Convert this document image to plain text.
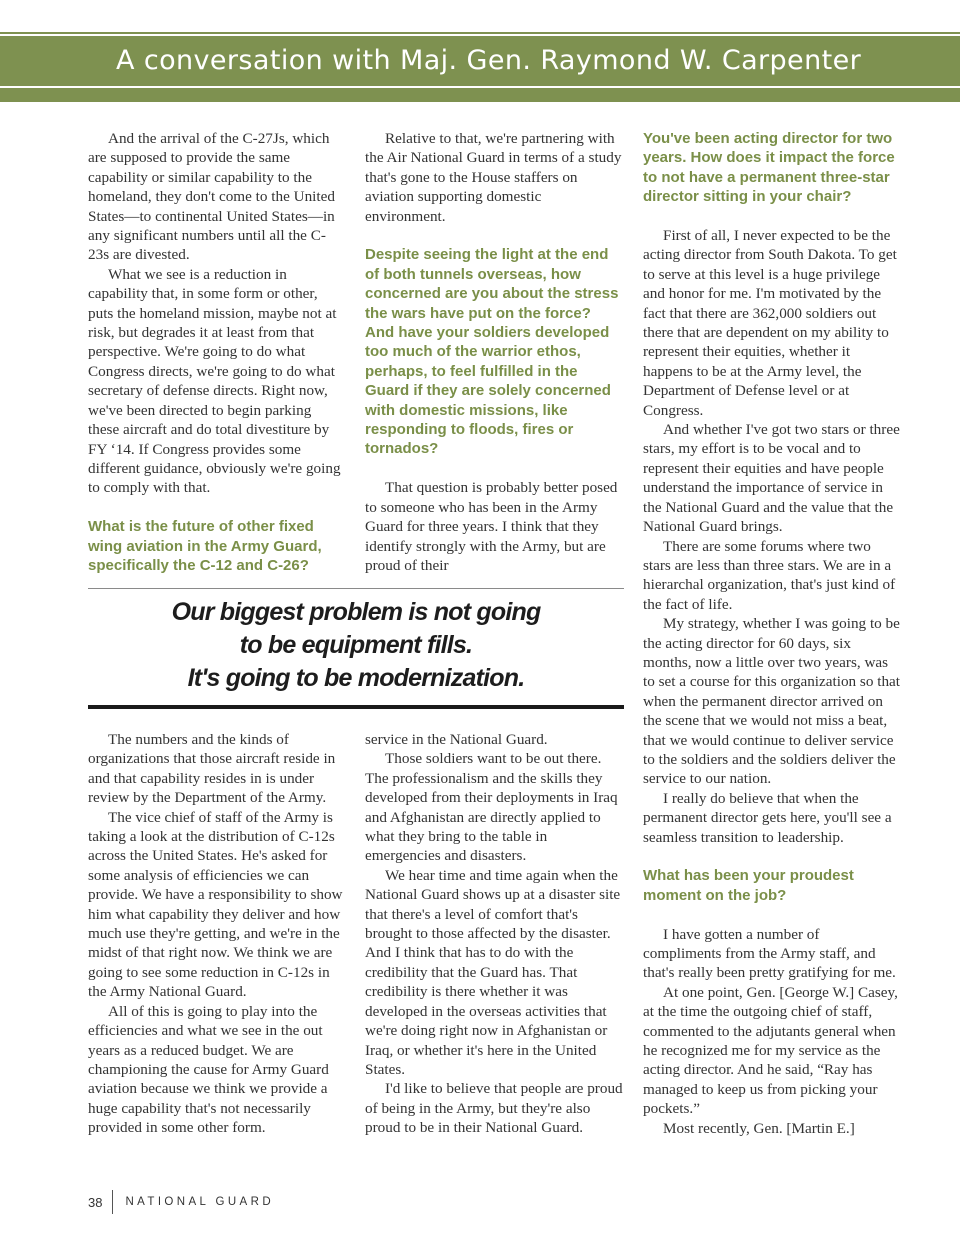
A conversation with Maj. Gen. Raymond W. Carpenter

And the arrival of the C-27Js, which are supposed to provide the same capability or similar capability to the homeland, they don't come to the United States—to continental United States—in any significant numbers until all the C-23s are divested.

What we see is a reduction in capability that, in some form or other, puts the homeland mission, maybe not at risk, but degrades it at least from that perspective. We're going to do what Congress directs, we're going to do what secretary of defense directs. Right now, we've been directed to begin parking these aircraft and do total divestiture by FY ‘14. If Congress provides some different guidance, obviously we're going to comply with that.

What is the future of other fixed wing aviation in the Army Guard, specifically the C-12 and C-26?

Relative to that, we're partnering with the Air National Guard in terms of a study that's gone to the House staffers on aviation supporting domestic environment.

Despite seeing the light at the end of both tunnels overseas, how concerned are you about the stress the wars have put on the force? And have your soldiers developed too much of the warrior ethos, perhaps, to feel fulfilled in the Guard if they are solely concerned with domestic missions, like responding to floods, fires or tornados?

That question is probably better posed to someone who has been in the Army Guard for three years. I think that they identify strongly with the Army, but are proud of their

Our biggest problem is not going
to be equipment fills.
It's going to be modernization.

The numbers and the kinds of organizations that those aircraft reside in and that capability resides in is under review by the Department of the Army.

The vice chief of staff of the Army is taking a look at the distribution of C-12s across the United States. He's asked for some analysis of efficiencies we can provide. We have a responsibility to show him what capability they deliver and how much use they're getting, and we're in the midst of that right now. We think we are going to see some reduction in C-12s in the Army National Guard.

All of this is going to play into the efficiencies and what we see in the out years as a reduced budget. We are championing the cause for Army Guard aviation because we think we provide a huge capability that's not necessarily provided in some other form.

service in the National Guard.

Those soldiers want to be out there. The professionalism and the skills they developed from their deployments in Iraq and Afghanistan are directly applied to what they bring to the table in emergencies and disasters.

We hear time and time again when the National Guard shows up at a disaster site that there's a level of comfort that's brought to those affected by the disaster. And I think that has to do with the credibility that the Guard has. That credibility is there whether it was developed in the overseas activities that we're doing right now in Afghanistan or Iraq, or whether it's here in the United States.

I'd like to believe that people are proud of being in the Army, but they're also proud to be in their National Guard.

You've been acting director for two years. How does it impact the force to not have a permanent three-star director sitting in your chair?

First of all, I never expected to be the acting director from South Dakota. To get to serve at this level is a huge privilege and honor for me. I'm motivated by the fact that there are 362,000 soldiers out there that are dependent on my ability to represent their equities, whether it happens to be at the Army level, the Department of Defense level or at Congress.

And whether I've got two stars or three stars, my effort is to be vocal and to represent their equities and have people understand the importance of service in the National Guard and the value that the National Guard brings.

There are some forums where two stars are less than three stars. We are in a hierarchal organization, that's just kind of the fact of life.

My strategy, whether I was going to be the acting director for 60 days, six months, now a little over two years, was to set a course for this organization so that when the permanent director arrived on the scene that we would not miss a beat, that we would continue to deliver service to the soldiers and the soldiers deliver the service to our nation.

I really do believe that when the permanent director gets here, you'll see a seamless transition to leadership.

What has been your proudest moment on the job?

I have gotten a number of compliments from the Army staff, and that's really been pretty gratifying for me.

At one point, Gen. [George W.] Casey, at the time the outgoing chief of staff, commented to the adjutants general when he recognized me for my service as the acting director. And he said, “Ray has managed to keep us from picking your pockets.”

Most recently, Gen. [Martin E.]

38 NATIONAL GUARD
